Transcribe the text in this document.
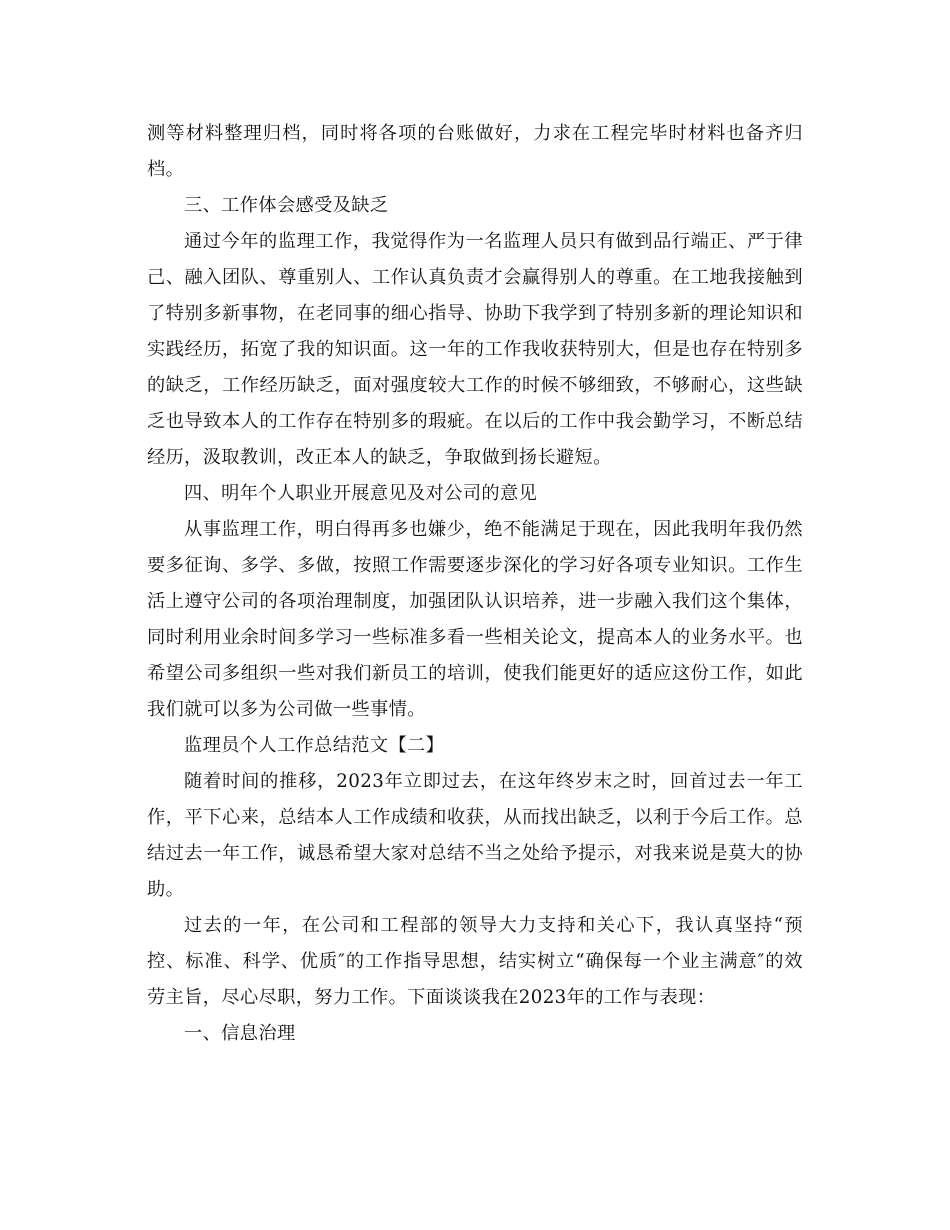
测等材料整理归档，同时将各项的台账做好，力求在工程完毕时材料也备齐归档。

三、工作体会感受及缺乏

通过今年的监理工作，我觉得作为一名监理人员只有做到品行端正、严于律己、融入团队、尊重别人、工作认真负责才会赢得别人的尊重。在工地我接触到了特别多新事物，在老同事的细心指导、协助下我学到了特别多新的理论知识和实践经历，拓宽了我的知识面。这一年的工作我收获特别大，但是也存在特别多的缺乏，工作经历缺乏，面对强度较大工作的时候不够细致，不够耐心，这些缺乏也导致本人的工作存在特别多的瑕疵。在以后的工作中我会勤学习，不断总结经历，汲取教训，改正本人的缺乏，争取做到扬长避短。

四、明年个人职业开展意见及对公司的意见

从事监理工作，明白得再多也嫌少，绝不能满足于现在，因此我明年我仍然要多征询、多学、多做，按照工作需要逐步深化的学习好各项专业知识。工作生活上遵守公司的各项治理制度，加强团队认识培养，进一步融入我们这个集体，同时利用业余时间多学习一些标准多看一些相关论文，提高本人的业务水平。也希望公司多组织一些对我们新员工的培训，使我们能更好的适应这份工作，如此我们就可以多为公司做一些事情。

监理员个人工作总结范文【二】

随着时间的推移，2023年立即过去，在这年终岁末之时，回首过去一年工作，平下心来，总结本人工作成绩和收获，从而找出缺乏，以利于今后工作。总结过去一年工作，诚恳希望大家对总结不当之处给予提示，对我来说是莫大的协助。

过去的一年，在公司和工程部的领导大力支持和关心下，我认真坚持“预控、标准、科学、优质″的工作指导思想，结实树立“确保每一个业主满意″的效劳主旨，尽心尽职，努力工作。下面谈谈我在2023年的工作与表现：

一、信息治理
